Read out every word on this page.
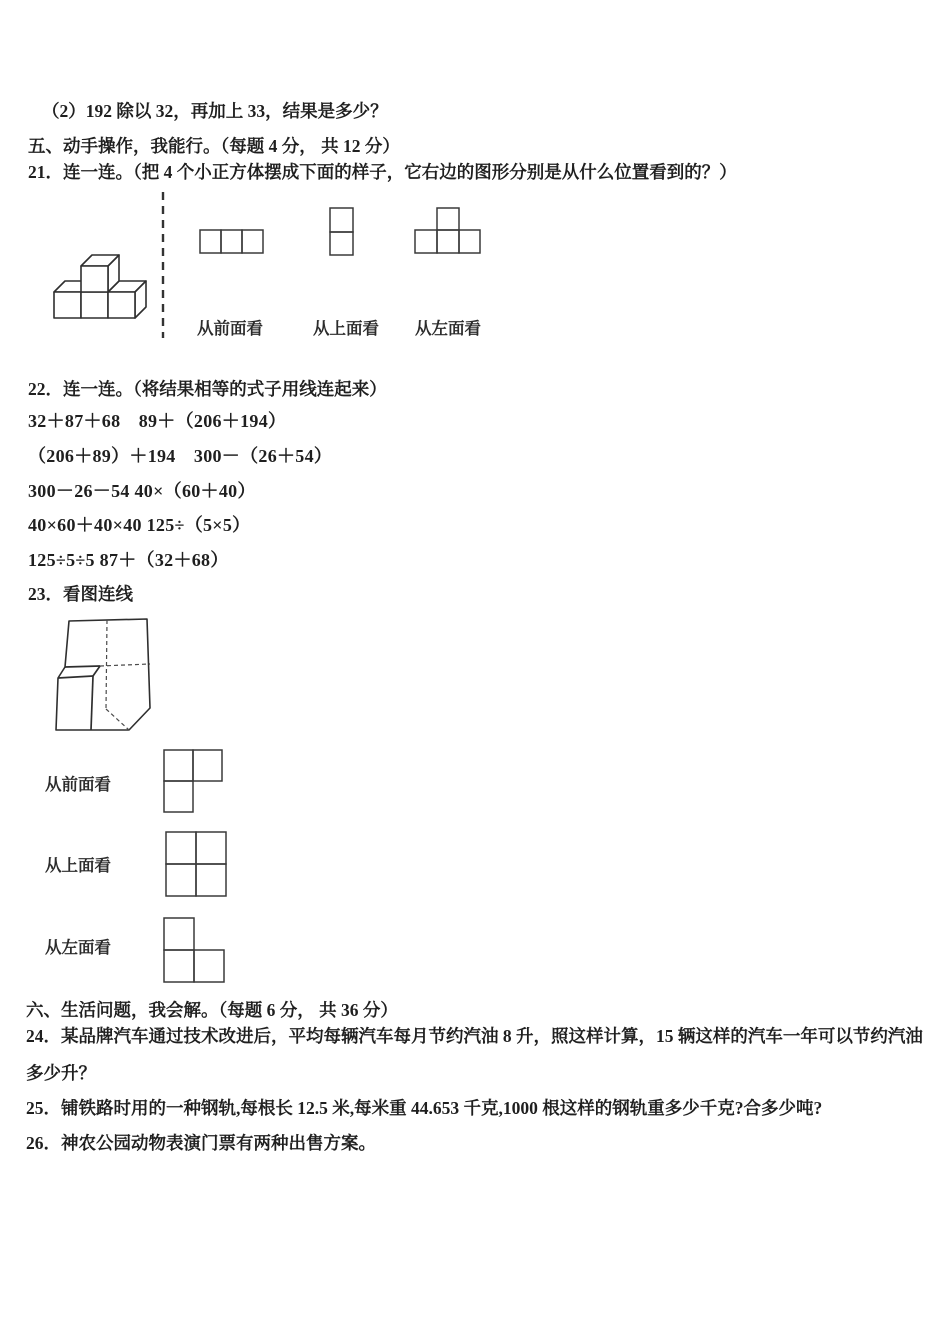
（2）192 除以 32，再加上 33，结果是多少？
五、动手操作，我能行。（每题 4 分， 共 12 分）
21．连一连。（把 4 个小正方体摆成下面的样子，它右边的图形分别是从什么位置看到的？）
从前面看	从上面看 从左面看
22．连一连。（将结果相等的式子用线连起来）
32＋87＋68　89＋（206＋194）
（206＋89）＋194　300－（26＋54）
300－26－54 40×（60＋40）
40×60＋40×40 125÷（5×5）
125÷5÷5 87＋（32＋68）
23．看图连线
从前面看
从上面看
从左面看
六、生活问题，我会解。（每题 6 分， 共 36 分）
24．某品牌汽车通过技术改进后，平均每辆汽车每月节约汽油 8 升，照这样计算，15 辆这样的汽车一年可以节约汽油
多少升？
25．铺铁路时用的一种钢轨,每根长 12.5 米,每米重 44.653 千克,1000 根这样的钢轨重多少千克?合多少吨?
26．神农公园动物表演门票有两种出售方案。
